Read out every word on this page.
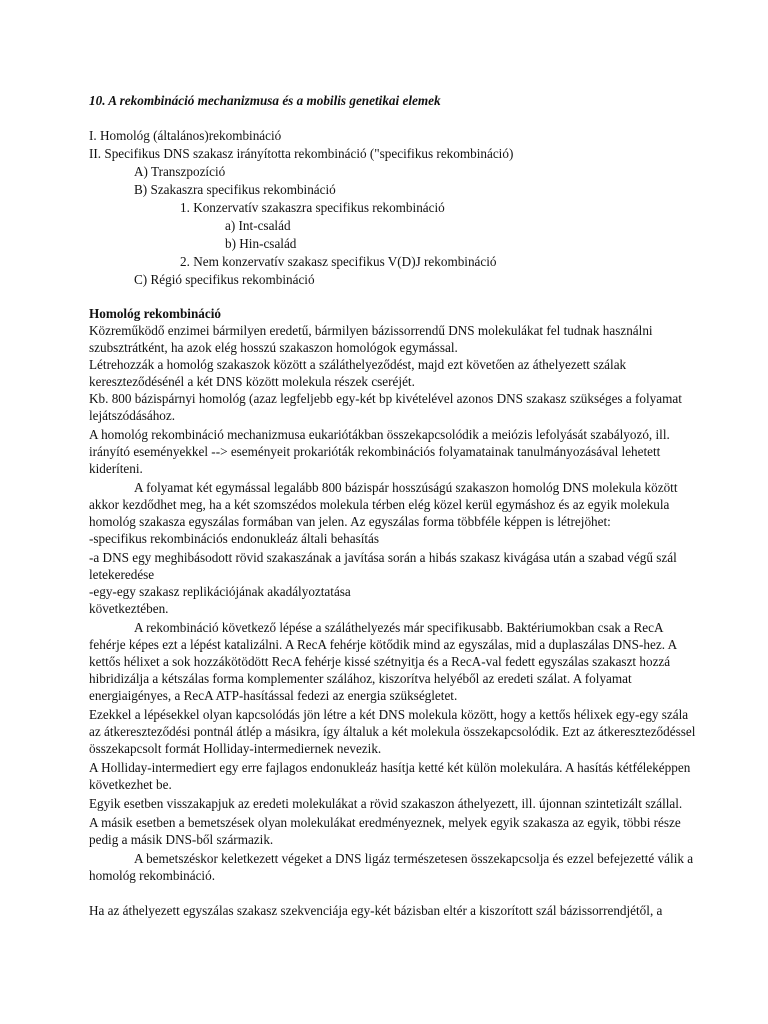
10. A rekombináció mechanizmusa és a mobilis genetikai elemek
I. Homológ (általános)rekombináció
II. Specifikus DNS szakasz irányította rekombináció ("specifikus rekombináció)
A) Transzpozíció
B) Szakaszra specifikus rekombináció
1. Konzervatív szakaszra specifikus rekombináció
a) Int-család
b) Hin-család
2. Nem konzervatív szakasz specifikus V(D)J rekombináció
C) Régió specifikus rekombináció
Homológ rekombináció
Közreműködő enzimei bármilyen eredetű, bármilyen bázissorrendű DNS molekulákat fel tudnak használni
szubsztrátként, ha azok elég hosszú szakaszon homológok egymással.
Létrehozzák a homológ szakaszok között a száláthelyeződést, majd ezt követően az áthelyezett szálak
kereszteződésénél a két DNS között molekula részek cseréjét.
Kb. 800 bázispárnyi homológ (azaz legfeljebb egy-két bp kivételével azonos DNS szakasz szükséges a folyamat
lejátszódásához.
A homológ rekombináció mechanizmusa eukariótákban összekapcsolódik a meiózis lefolyását szabályozó, ill.
irányító eseményekkel --> eseményeit prokarióták rekombinációs folyamatainak tanulmányozásával lehetett
kideríteni.
A folyamat két egymással legalább 800 bázispár hosszúságú szakaszon homológ DNS molekula között
akkor kezdődhet meg, ha a két szomszédos molekula térben elég közel kerül egymáshoz és az egyik molekula
homológ szakasza egyszálas formában van jelen. Az egyszálas forma többféle képpen is létrejöhet:
-specifikus rekombinációs endonukleáz általi behasítás
-a DNS egy meghibásodott rövid szakaszának a javítása során a hibás szakasz kivágása után a szabad végű szál
letekeredése
-egy-egy szakasz replikációjának akadályoztatása
következtében.
A rekombináció következő lépése a száláthelyezés már specifikusabb. Baktériumokban csak a RecA
fehérje képes ezt a lépést katalizálni. A RecA fehérje kötődik mind az egyszálas, mid a duplaszálas DNS-hez. A
kettős hélixet a sok hozzákötödött RecA fehérje kissé szétnyitja és a RecA-val fedett egyszálas szakaszt hozzá
hibridizálja a kétszálas forma komplementer szálához, kiszorítva helyéből az eredeti szálat. A folyamat
energiaigényes, a RecA ATP-hasítással fedezi az energia szükségletet.
Ezekkel a lépésekkel olyan kapcsolódás jön létre a két DNS molekula között, hogy a kettős hélixek egy-egy szála
az átkereszteződési pontnál átlép a másikra, így általuk a két molekula összekapcsolódik. Ezt az átkereszteződéssel
összekapcsolt formát Holliday-intermediernek nevezik.
A Holliday-intermediert egy erre fajlagos endonukleáz hasítja ketté két külön molekulára. A hasítás kétféleképpen
következhet be.
Egyik esetben visszakapjuk az eredeti molekulákat a rövid szakaszon áthelyezett, ill. újonnan szintetizált szállal.
A másik esetben a bemetszések olyan molekulákat eredményeznek, melyek egyik szakasza az egyik, többi része
pedig a másik DNS-ből származik.
A bemetszéskor keletkezett végeket a DNS ligáz természetesen összekapcsolja és ezzel befejezetté válik a
homológ rekombináció.
Ha az áthelyezett egyszálas szakasz szekvenciája egy-két bázisban eltér a kiszorított szál bázissorrendjétől, a
